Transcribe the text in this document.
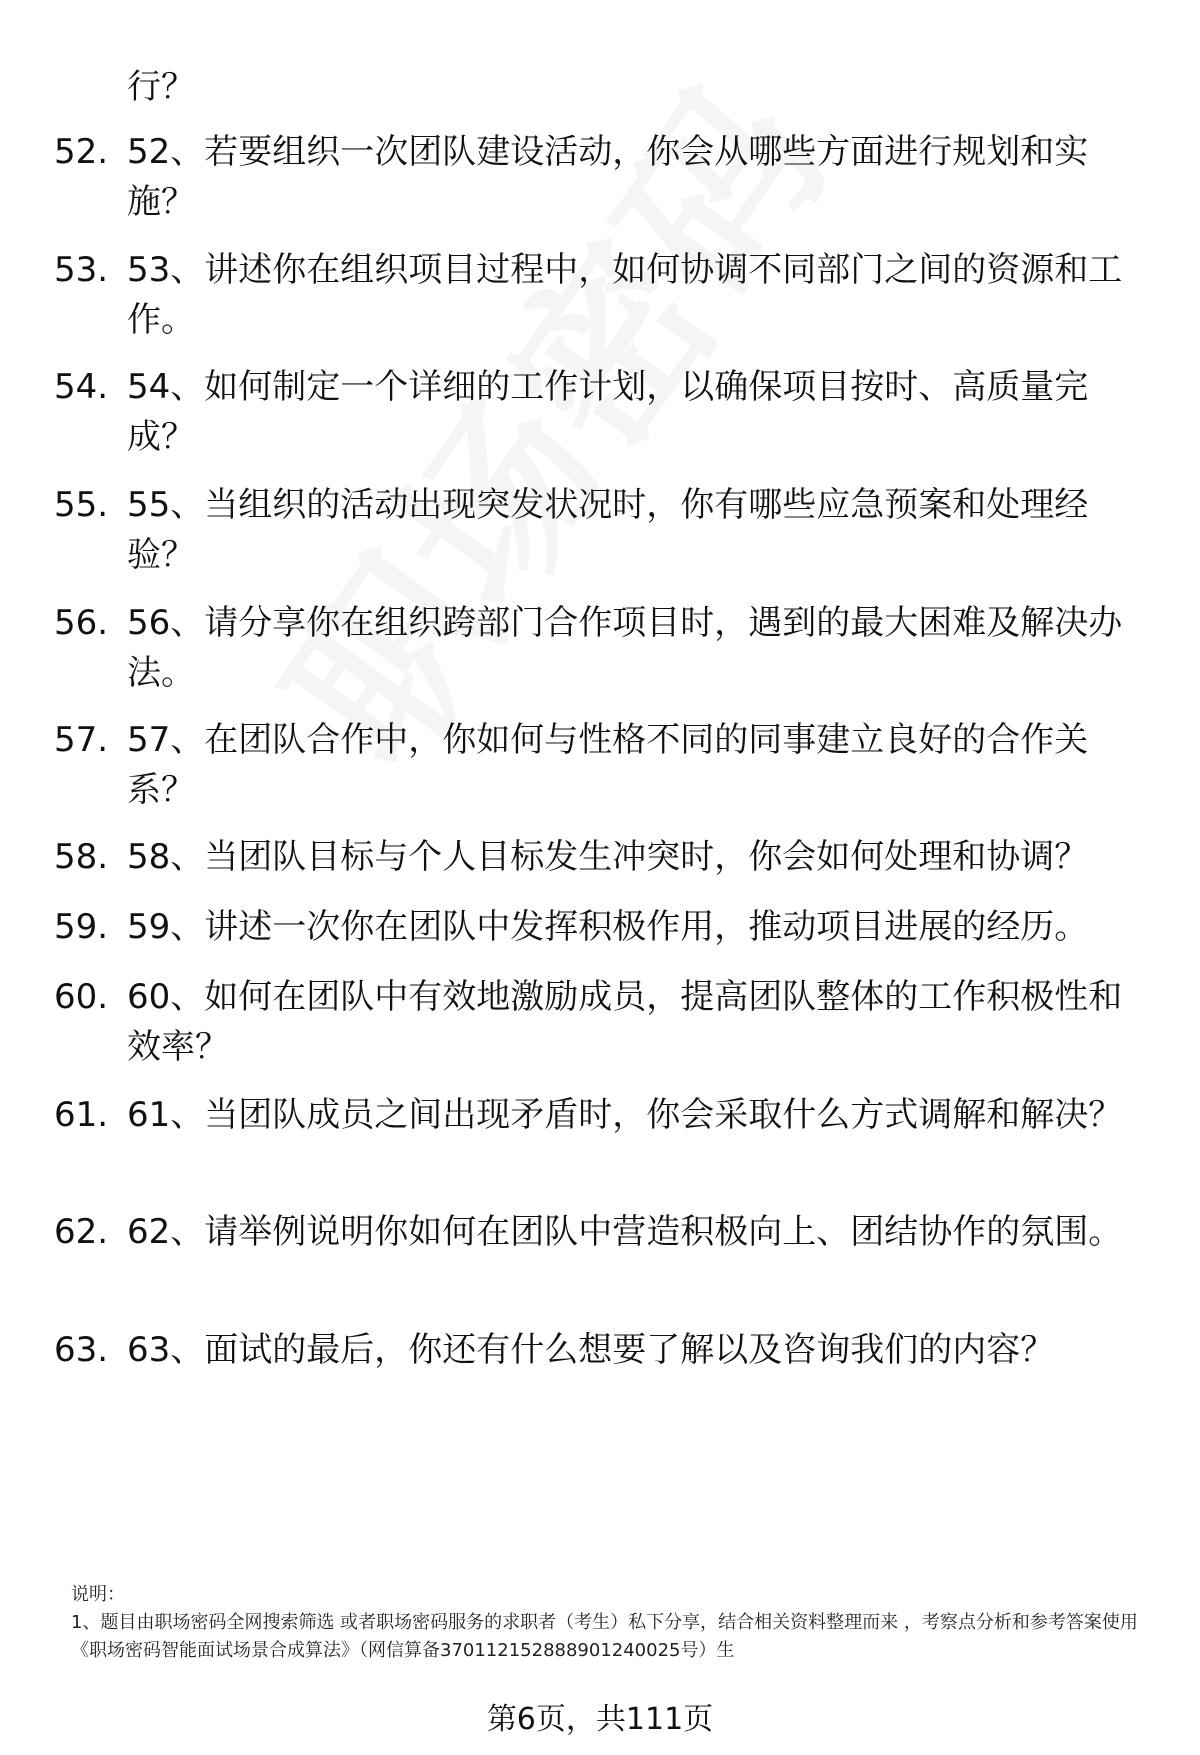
行？
52. 52、若要组织一次团队建设活动，你会从哪些方面进行规划和实施？
53. 53、讲述你在组织项目过程中，如何协调不同部门之间的资源和工作。
54. 54、如何制定一个详细的工作计划，以确保项目按时、高质量完成？
55. 55、当组织的活动出现突发状况时，你有哪些应急预案和处理经验？
56. 56、请分享你在组织跨部门合作项目时，遇到的最大困难及解决办法。
57. 57、在团队合作中，你如何与性格不同的同事建立良好的合作关系？
58. 58、当团队目标与个人目标发生冲突时，你会如何处理和协调？
59. 59、讲述一次你在团队中发挥积极作用，推动项目进展的经历。
60. 60、如何在团队中有效地激励成员，提高团队整体的工作积极性和效率？
61. 61、当团队成员之间出现矛盾时，你会采取什么方式调解和解决？
62. 62、请举例说明你如何在团队中营造积极向上、团结协作的氛围。
63. 63、面试的最后，你还有什么想要了解以及咨询我们的内容？
说明：
1、题目由职场密码全网搜索筛选 或者职场密码服务的求职者（考生）私下分享，结合相关资料整理而来 ，考察点分析和参考答案使用《职场密码智能面试场景合成算法》（网信算备370112152888901240025号）生
第6页，共111页
